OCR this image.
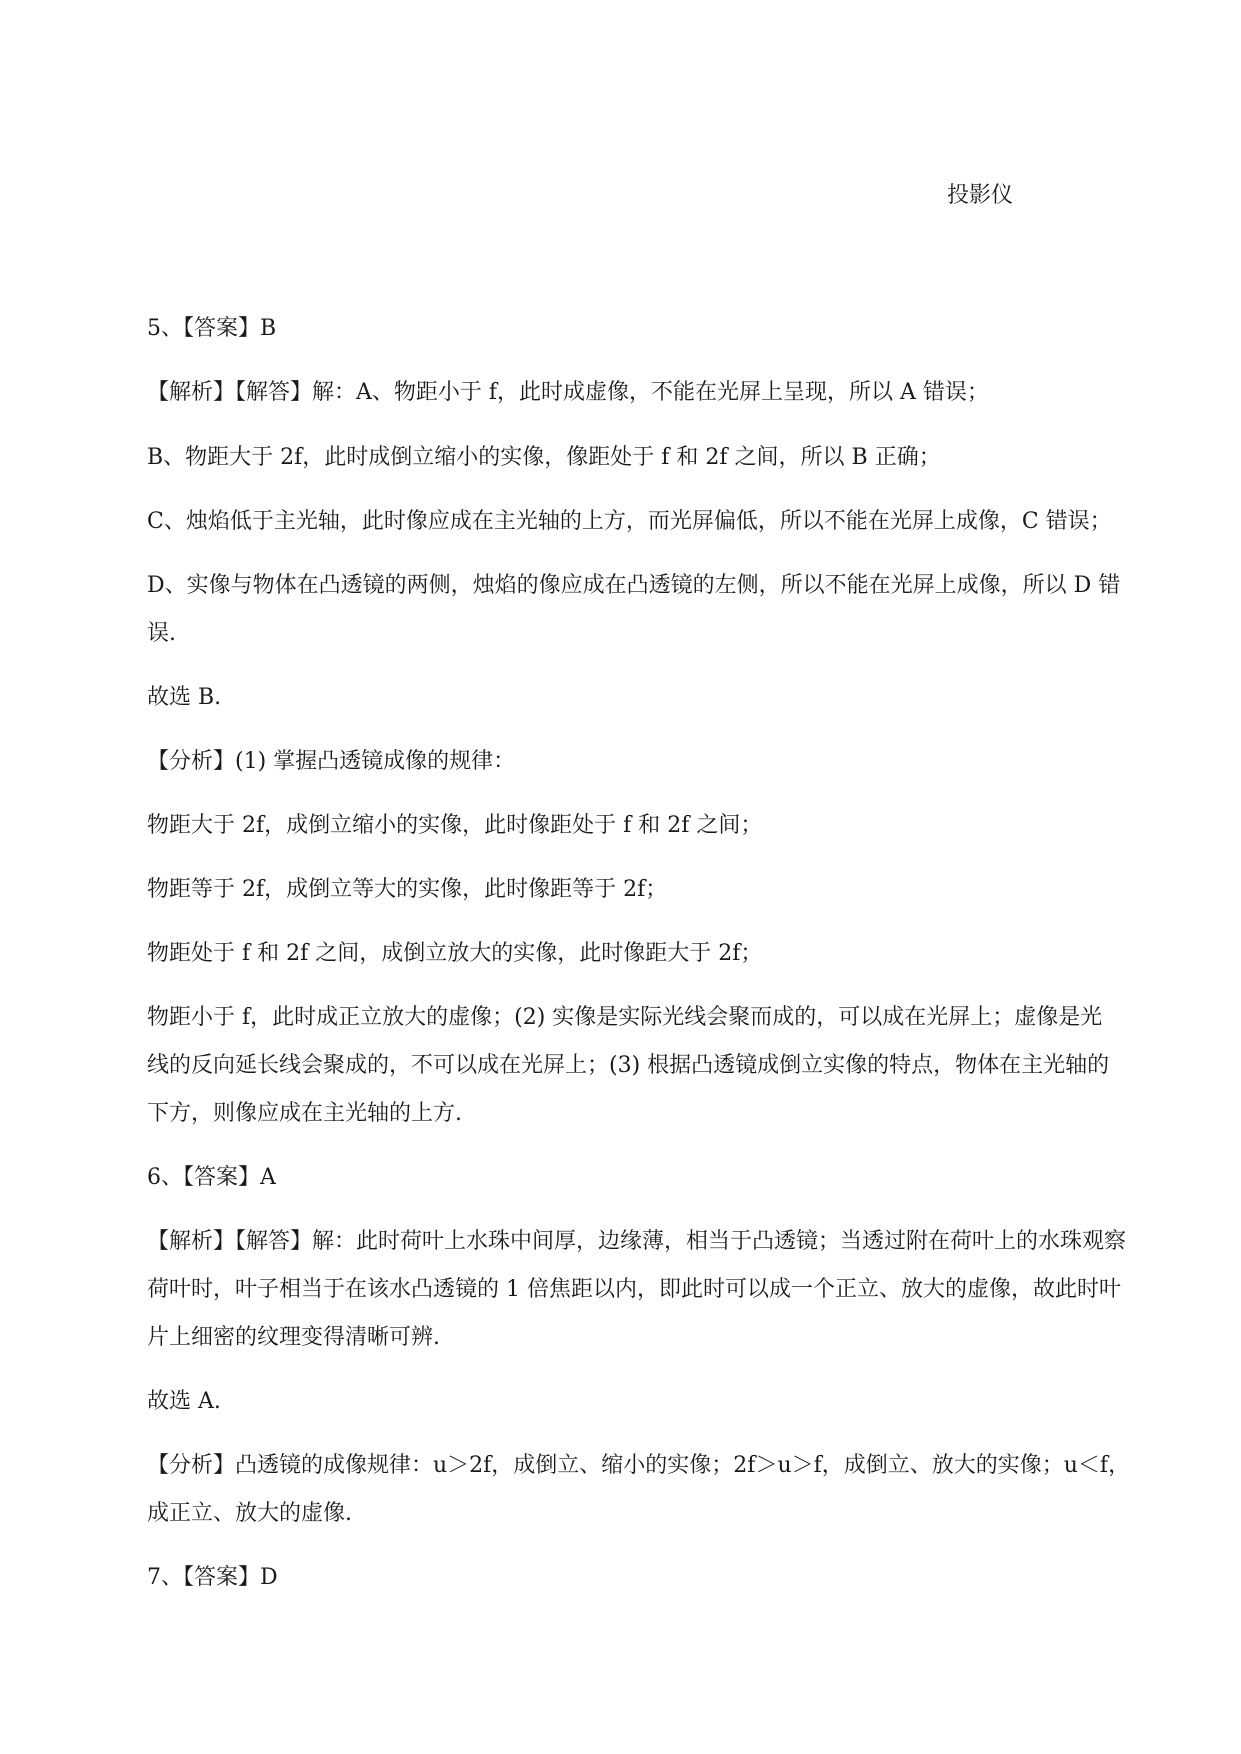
投影仪
5、【答案】B
【解析】【解答】解：A、物距小于 f，此时成虚像，不能在光屏上呈现，所以 A 错误；
B、物距大于 2f，此时成倒立缩小的实像，像距处于 f 和 2f 之间，所以 B 正确；
C、烛焰低于主光轴，此时像应成在主光轴的上方，而光屏偏低，所以不能在光屏上成像，C 错误；
D、实像与物体在凸透镜的两侧，烛焰的像应成在凸透镜的左侧，所以不能在光屏上成像，所以 D 错
误.
故选 B.
【分析】(1) 掌握凸透镜成像的规律：
物距大于 2f，成倒立缩小的实像，此时像距处于 f 和 2f 之间；
物距等于 2f，成倒立等大的实像，此时像距等于 2f；
物距处于 f 和 2f 之间，成倒立放大的实像，此时像距大于 2f；
物距小于 f，此时成正立放大的虚像；(2) 实像是实际光线会聚而成的，可以成在光屏上；虚像是光
线的反向延长线会聚成的，不可以成在光屏上；(3) 根据凸透镜成倒立实像的特点，物体在主光轴的
下方，则像应成在主光轴的上方.
6、【答案】A
【解析】【解答】解：此时荷叶上水珠中间厚，边缘薄，相当于凸透镜；当透过附在荷叶上的水珠观察
荷叶时，叶子相当于在该水凸透镜的 1 倍焦距以内，即此时可以成一个正立、放大的虚像，故此时叶
片上细密的纹理变得清晰可辨.
故选 A.
【分析】凸透镜的成像规律：u＞2f，成倒立、缩小的实像；2f＞u＞f，成倒立、放大的实像；u＜f，
成正立、放大的虚像.
7、【答案】D
